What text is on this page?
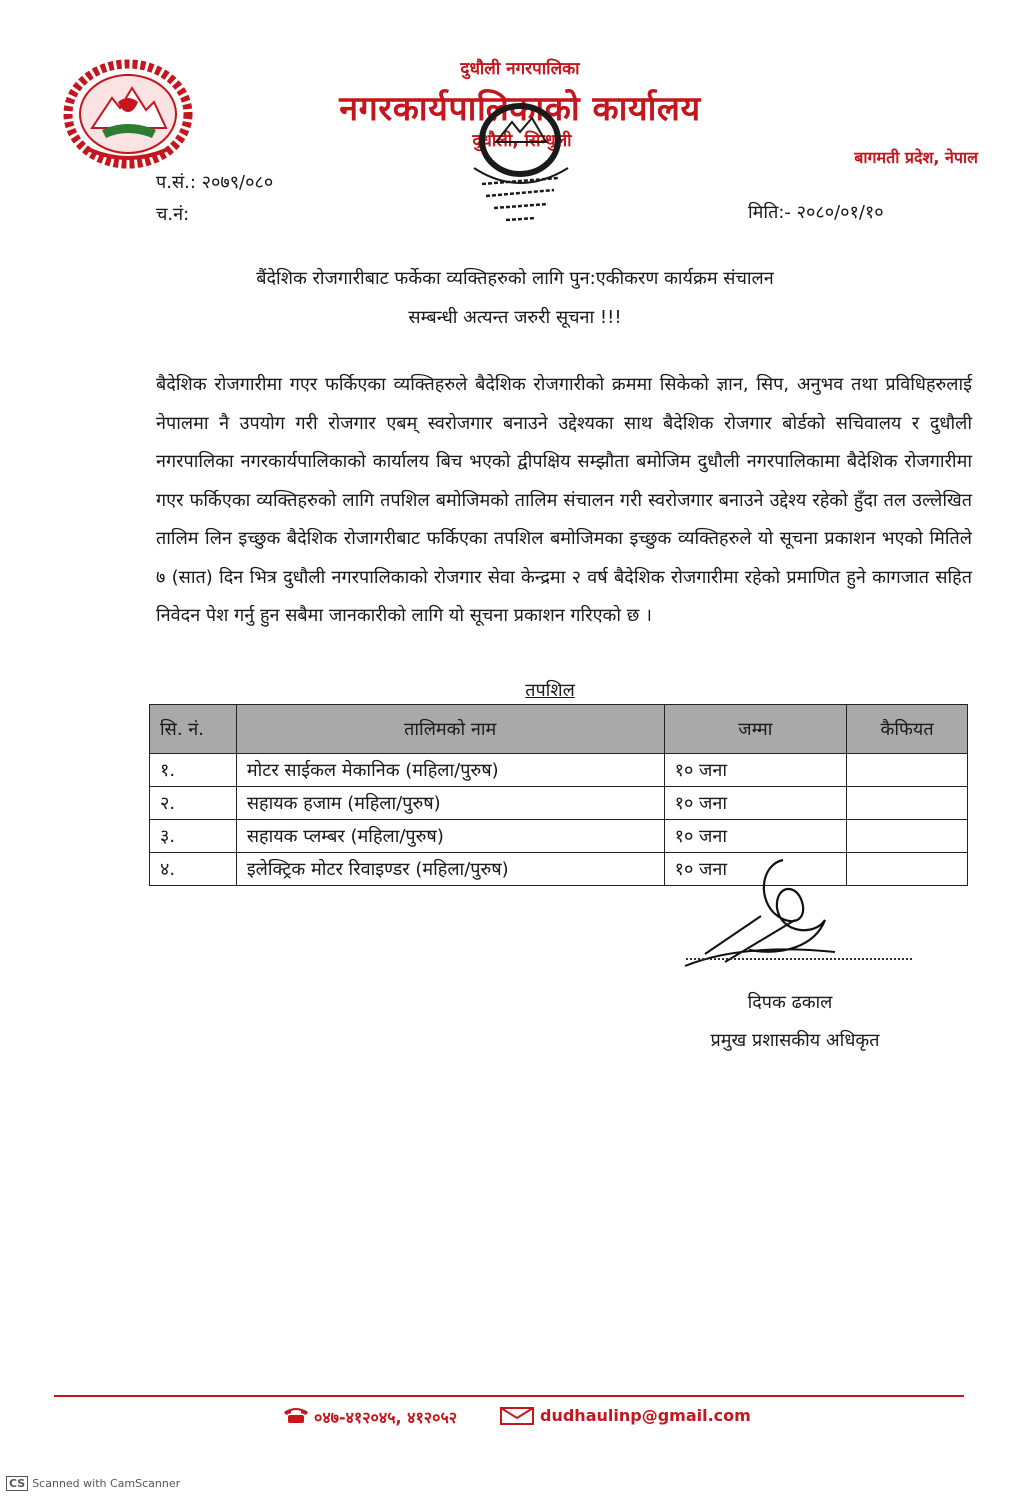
दुधौली नगरपालिका
नगरकार्यपालिकाको कार्यालय
दुधौली, सिन्धुली
बागमती प्रदेश, नेपाल
प.सं.: २०७९/०८०
च.नं:	मिति:- २०८०/०१/१०
बैंदेशिक रोजगारीबाट फर्केका व्यक्तिहरुको लागि पुन:एकीकरण कार्यक्रम संचालन
सम्बन्धी अत्यन्त जरुरी सूचना !!!
बैदेशिक रोजगारीमा गएर फर्किएका व्यक्तिहरुले बैदेशिक रोजगारीको क्रममा सिकेको ज्ञान, सिप, अनुभव तथा प्रविधिहरुलाई नेपालमा नै उपयोग गरी रोजगार एबम् स्वरोजगार बनाउने उद्देश्यका साथ बैदेशिक रोजगार बोर्डको सचिवालय र दुधौली नगरपालिका नगरकार्यपालिकाको कार्यालय बिच भएको द्वीपक्षिय सम्झौता बमोजिम दुधौली नगरपालिकामा बैदेशिक रोजगारीमा गएर फर्किएका व्यक्तिहरुको लागि तपशिल बमोजिमको तालिम संचालन गरी स्वरोजगार बनाउने उद्देश्य रहेको हुँदा तल उल्लेखित तालिम लिन इच्छुक बैदेशिक रोजागरीबाट फर्किएका तपशिल बमोजिमका इच्छुक व्यक्तिहरुले यो सूचना प्रकाशन भएको मितिले ७ (सात) दिन भित्र दुधौली नगरपालिकाको रोजगार सेवा केन्द्रमा २ वर्ष बैदेशिक रोजगारीमा रहेको प्रमाणित हुने कागजात सहित निवेदन पेश गर्नु हुन सबैमा जानकारीको लागि यो सूचना प्रकाशन गरिएको छ ।
तपशिल
सि. नं.	तालिमको नाम	जम्मा	कैफियत
१.	मोटर साईकल मेकानिक (महिला/पुरुष)	१० जना	
२.	सहायक हजाम (महिला/पुरुष)	१० जना	
३.	सहायक प्लम्बर (महिला/पुरुष)	१० जना	
४.	इलेक्ट्रिक मोटर रिवाइण्डर (महिला/पुरुष)	१० जना	
दिपक ढकाल
प्रमुख प्रशासकीय अधिकृत
०४७-४१२०४५, ४१२०५२	dudhaulinp@gmail.com
CS Scanned with CamScanner
